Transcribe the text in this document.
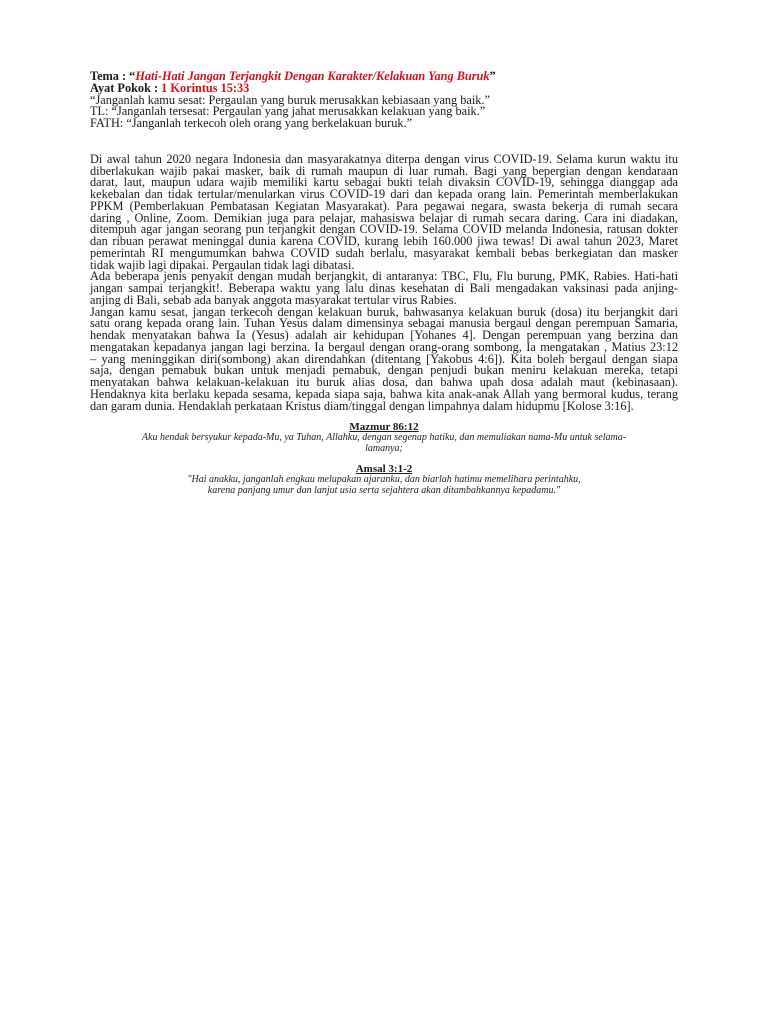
Tema : “Hati-Hati Jangan Terjangkit Dengan Karakter/Kelakuan Yang Buruk”
Ayat Pokok : 1 Korintus 15:33
“Janganlah kamu sesat: Pergaulan yang buruk merusakkan kebiasaan yang baik.”
TL: “Janganlah tersesat: Pergaulan yang jahat merusakkan kelakuan yang baik.”
FATH: “Janganlah terkecoh oleh orang yang berkelakuan buruk.”
Di awal tahun 2020 negara Indonesia dan masyarakatnya diterpa dengan virus COVID-19. Selama kurun waktu itu
diberlakukan wajib pakai masker, baik di rumah maupun di luar rumah. Bagi yang bepergian dengan kendaraan
darat, laut, maupun udara wajib memiliki kartu sebagai bukti telah divaksin COVID-19, sehingga dianggap ada
kekebalan dan tidak tertular/menularkan virus COVID-19 dari dan kepada orang lain. Pemerintah memberlakukan
PPKM (Pemberlakuan Pembatasan Kegiatan Masyarakat). Para pegawai negara, swasta bekerja di rumah secara
daring , Online, Zoom. Demikian juga para pelajar, mahasiswa belajar di rumah secara daring. Cara ini diadakan,
ditempuh agar jangan seorang pun terjangkit dengan COVID-19. Selama COVID melanda Indonesia, ratusan dokter
dan ribuan perawat meninggal dunia karena COVID, kurang lebih 160.000 jiwa tewas! Di awal tahun 2023, Maret
pemerintah RI mengumumkan bahwa COVID sudah berlalu, masyarakat kembali bebas berkegiatan dan masker
tidak wajib lagi dipakai. Pergaulan tidak lagi dibatasi.
Ada beberapa jenis penyakit dengan mudah berjangkit, di antaranya: TBC, Flu, Flu burung, PMK, Rabies. Hati-hati
jangan sampai terjangkit!. Beberapa waktu yang lalu dinas kesehatan di Bali mengadakan vaksinasi pada anjing-
anjing di Bali, sebab ada banyak anggota masyarakat tertular virus Rabies.
Jangan kamu sesat, jangan terkecoh dengan kelakuan buruk, bahwasanya kelakuan buruk (dosa) itu berjangkit dari
satu orang kepada orang lain. Tuhan Yesus dalam dimensinya sebagai manusia bergaul dengan perempuan Samaria,
hendak menyatakan bahwa Ia (Yesus) adalah air kehidupan [Yohanes 4]. Dengan perempuan yang berzina dan
mengatakan kepadanya jangan lagi berzina. Ia bergaul dengan orang-orang sombong, Ia mengatakan , Matius 23:12
– yang meninggikan diri(sombong) akan direndahkan (ditentang [Yakobus 4:6]). Kita boleh bergaul dengan siapa
saja, dengan pemabuk bukan untuk menjadi pemabuk, dengan penjudi bukan meniru kelakuan mereka, tetapi
menyatakan bahwa kelakuan-kelakuan itu buruk alias dosa, dan bahwa upah dosa adalah maut (kebinasaan).
Hendaknya kita berlaku kepada sesama, kepada siapa saja, bahwa kita anak-anak Allah yang bermoral kudus, terang
dan garam dunia. Hendaklah perkataan Kristus diam/tinggal dengan limpahnya dalam hidupmu [Kolose 3:16].
Mazmur 86:12
Aku hendak bersyukur kepada-Mu, ya Tuhan, Allahku, dengan segenap hatiku, dan memuliakan nama-Mu untuk selama-
lamanya;
Amsal 3:1-2
"Hai anakku, janganlah engkau melupakan ajaranku, dan biarlah hatimu memelihara perintahku,
karena panjang umur dan lanjut usia serta sejahtera akan ditambahkannya kepadamu."
